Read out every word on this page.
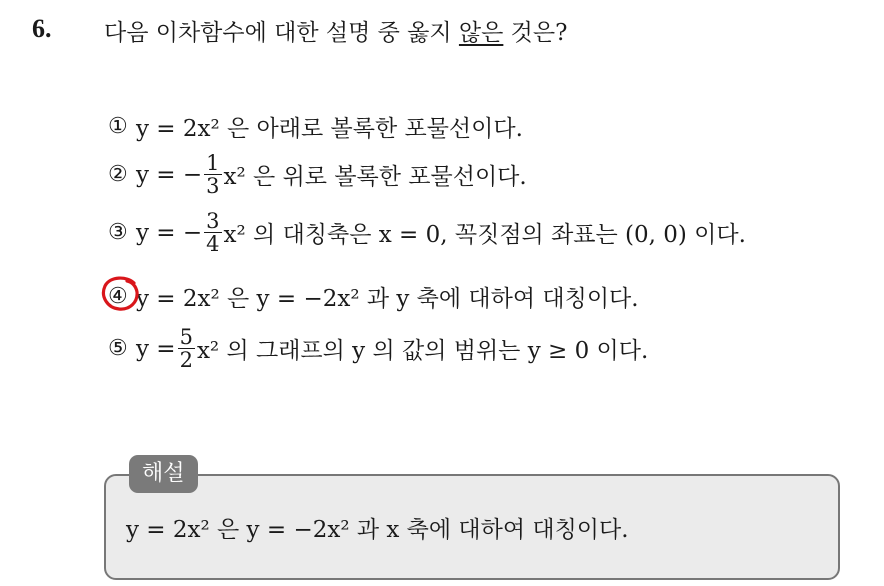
6. 다음 이차함수에 대한 설명 중 옳지 않은 것은?
① y = 2x² 은 아래로 볼록한 포물선이다.
② y = − $\frac{1}{3} x^2$ 은 위로 볼록한 포물선이다.
③ y = − $\frac{3}{4} x^2$ 의 대칭축은 x = 0, 꼭짓점의 좌표는 (0, 0) 이다.
④ y = 2x² 은 y = −2x² 과 y 축에 대하여 대칭이다.
⑤ $y = \frac{5}{2} x^2$ 의 그래프의 y 의 값의 범위는 y ≥ 0 이다.
해설
y = 2x² 은 y = −2x² 과 x 축에 대하여 대칭이다.
